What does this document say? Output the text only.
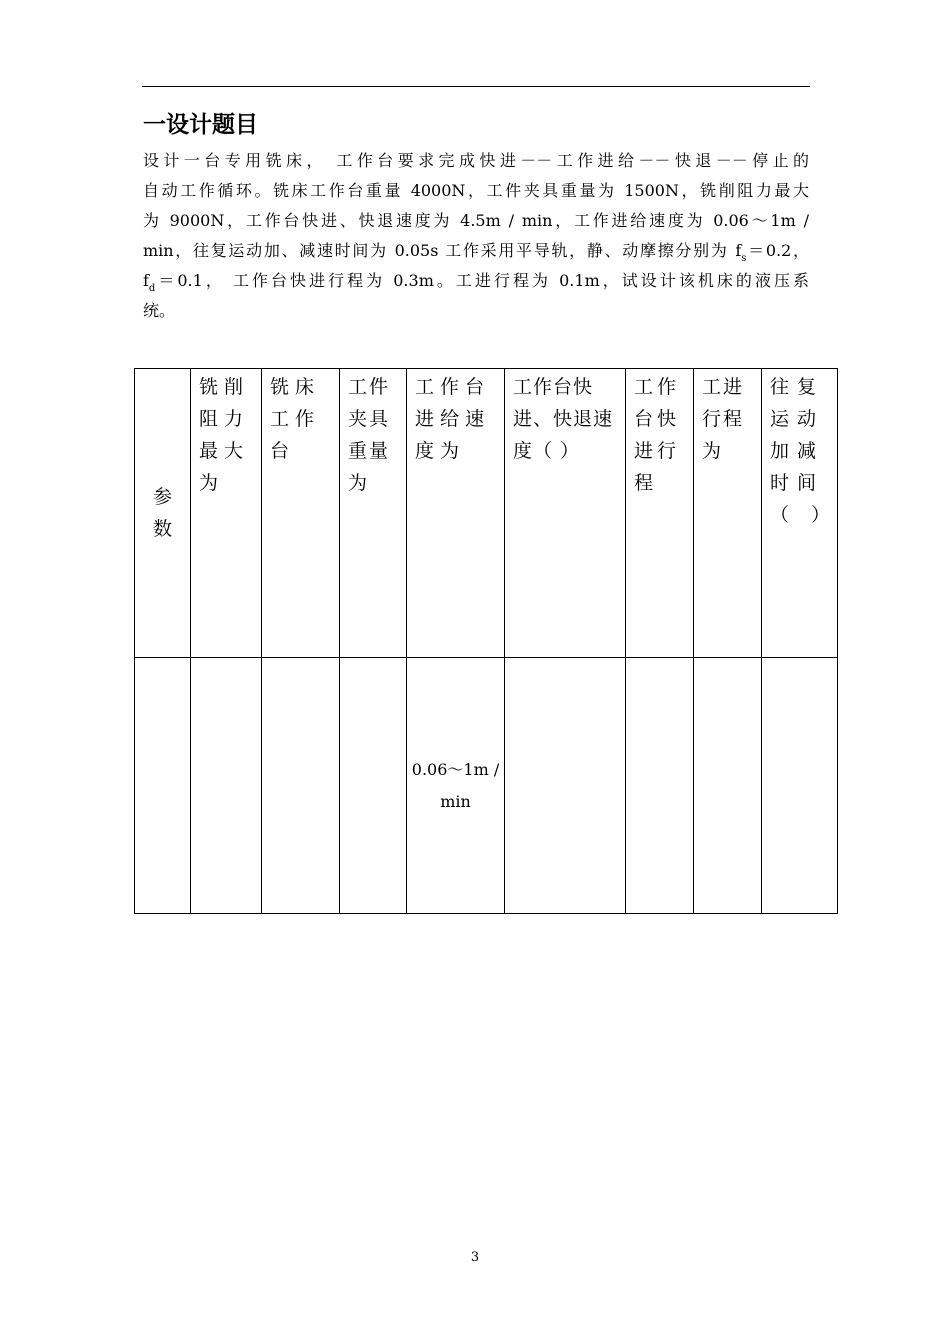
一设计题目
设计一台专用铣床， 工作台要求完成快进－－工作进给－－快退－－停止的
自动工作循环。铣床工作台重量 4000N，工件夹具重量为 1500N，铣削阻力最大
为 9000N，工作台快进、快退速度为 4.5m / min，工作进给速度为 0.06～1m /
min，往复运动加、减速时间为 0.05s 工作采用平导轨，静、动摩擦分别为 $f_s=0.2$，
$f_d=0.1$， 工作台快进行程为 0.3m。工进行程为 0.1m，试设计该机床的液压系
统。
参数	铣削阻力最大为	铣床工作台	工件夹具重量为	工作台进给速度为	工作台快进、快退速度（ ）	工作台快进行程	工进行程为	往复运动加减时间（ ）

				0.06～1m / min				
3
